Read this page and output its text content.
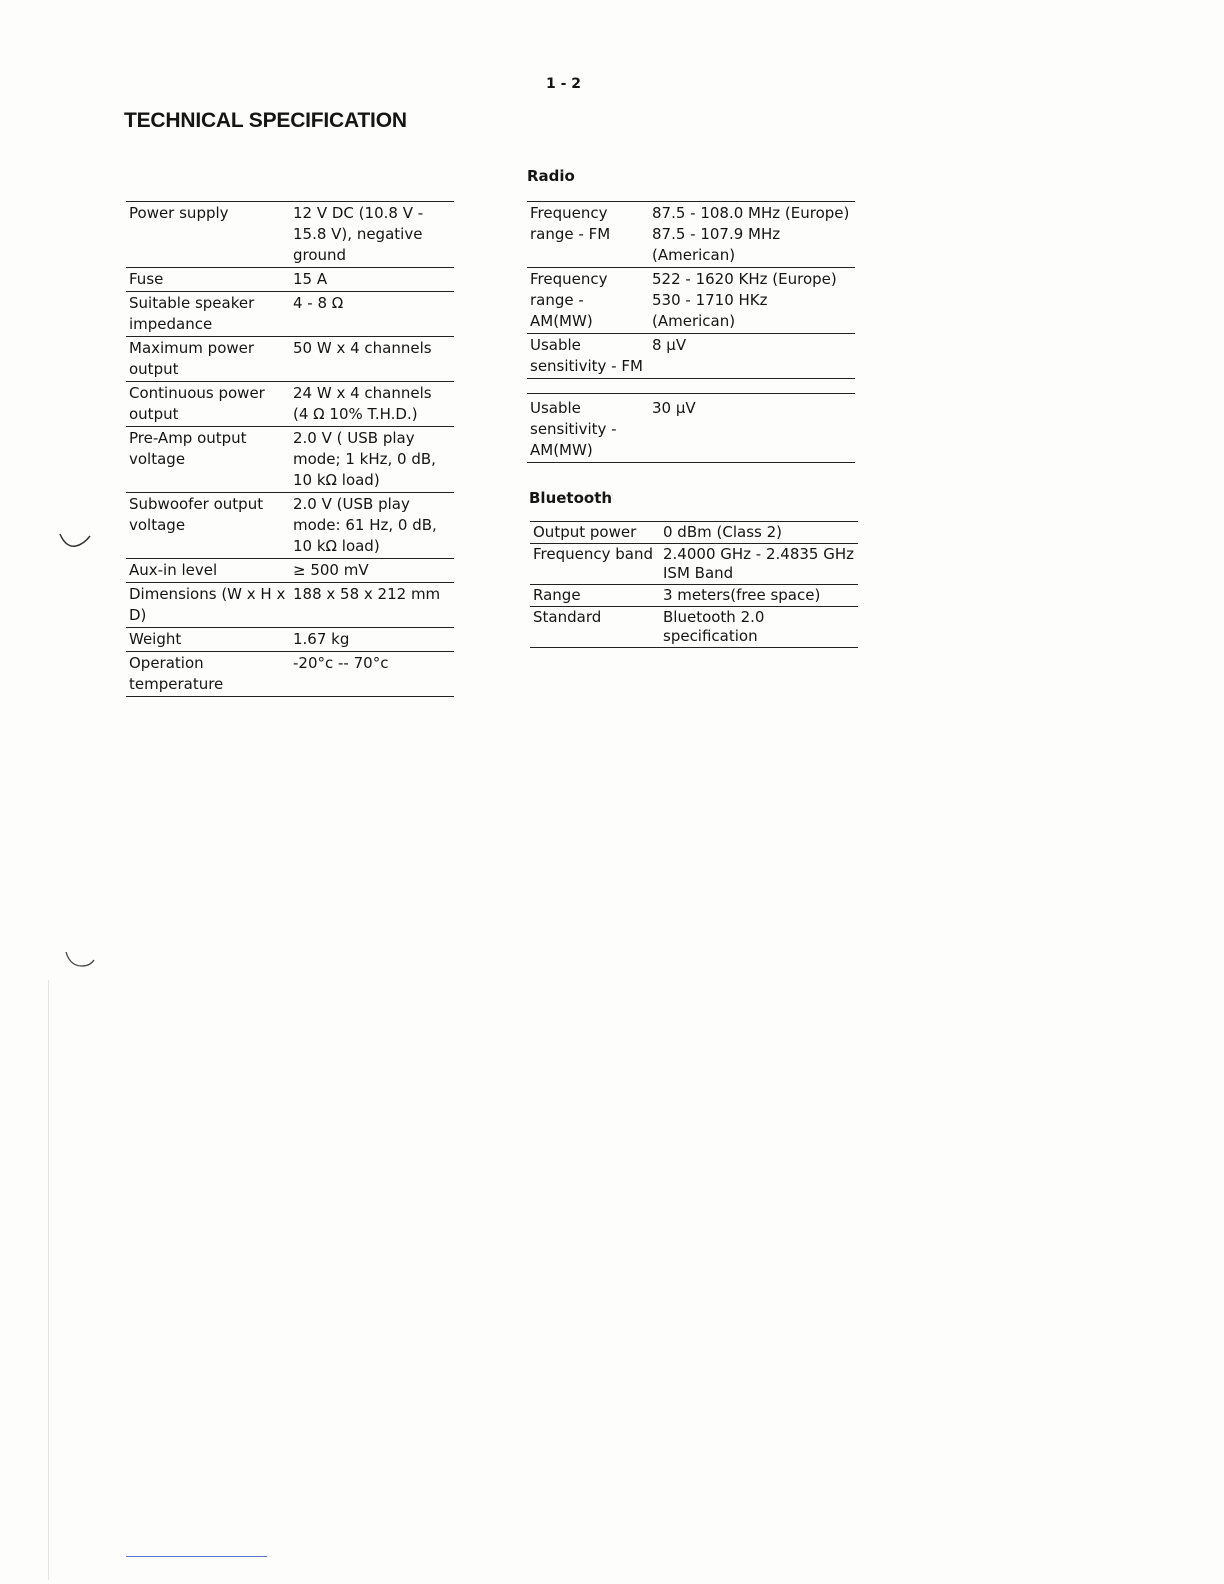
1 - 2
TECHNICAL SPECIFICATION
Power supply	12 V DC (10.8 V - 15.8 V), negative ground
Fuse	15 A
Suitable speaker impedance	4 - 8 Ω
Maximum power output	50 W x 4 channels
Continuous power output	24 W x 4 channels (4 Ω 10% T.H.D.)
Pre-Amp output voltage	2.0 V ( USB play mode; 1 kHz, 0 dB, 10 kΩ load)
Subwoofer output voltage	2.0 V (USB play mode: 61 Hz, 0 dB, 10 kΩ load)
Aux-in level	≥ 500 mV
Dimensions (W x H x D)	188 x 58 x 212 mm
Weight	1.67 kg
Operation temperature	-20°c -- 70°c
Radio
Frequency range - FM	87.5 - 108.0 MHz (Europe) 87.5 - 107.9 MHz (American)
Frequency range - AM(MW)	522 - 1620 KHz (Europe) 530 - 1710 HKz (American)
Usable sensitivity - FM	8 µV

Usable sensitivity - AM(MW)	30 µV
Bluetooth
Output power	0 dBm (Class 2)
Frequency band	2.4000 GHz - 2.4835 GHz ISM Band
Range	3 meters(free space)
Standard	Bluetooth 2.0 specification
